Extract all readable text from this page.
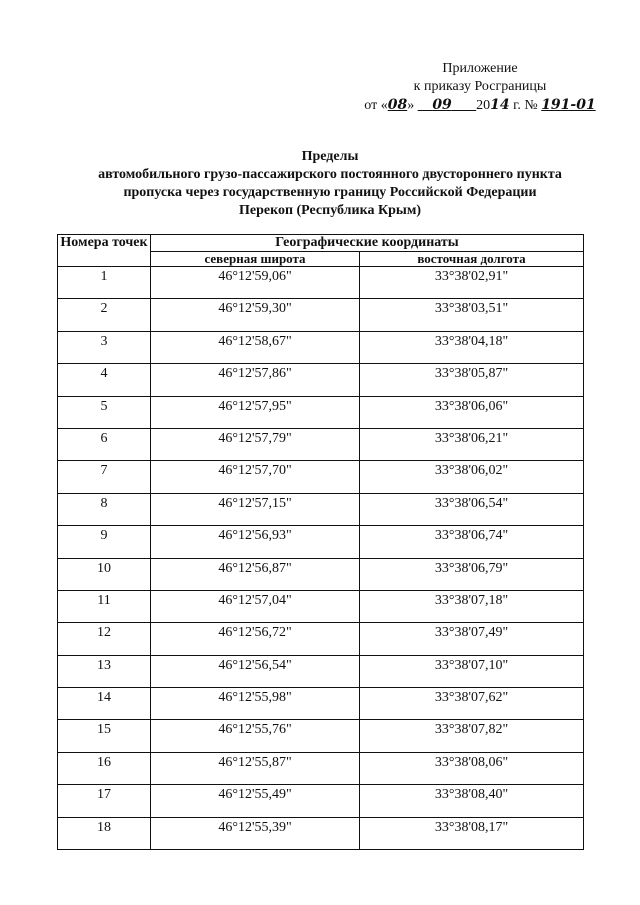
Приложение
к приказу Росграницы
от «08» 09 2014 г. № 191-01
Пределы
автомобильного грузо-пассажирского постоянного двустороннего пункта
пропуска через государственную границу Российской Федерации
Перекоп (Республика Крым)
Номера точек	Географические координаты	
	северная широта	восточная долгота
1	46°12'59,06"	33°38'02,91"
2	46°12'59,30"	33°38'03,51"
3	46°12'58,67"	33°38'04,18"
4	46°12'57,86"	33°38'05,87"
5	46°12'57,95"	33°38'06,06"
6	46°12'57,79"	33°38'06,21"
7	46°12'57,70"	33°38'06,02"
8	46°12'57,15"	33°38'06,54"
9	46°12'56,93"	33°38'06,74"
10	46°12'56,87"	33°38'06,79"
11	46°12'57,04"	33°38'07,18"
12	46°12'56,72"	33°38'07,49"
13	46°12'56,54"	33°38'07,10"
14	46°12'55,98"	33°38'07,62"
15	46°12'55,76"	33°38'07,82"
16	46°12'55,87"	33°38'08,06"
17	46°12'55,49"	33°38'08,40"
18	46°12'55,39"	33°38'08,17"
